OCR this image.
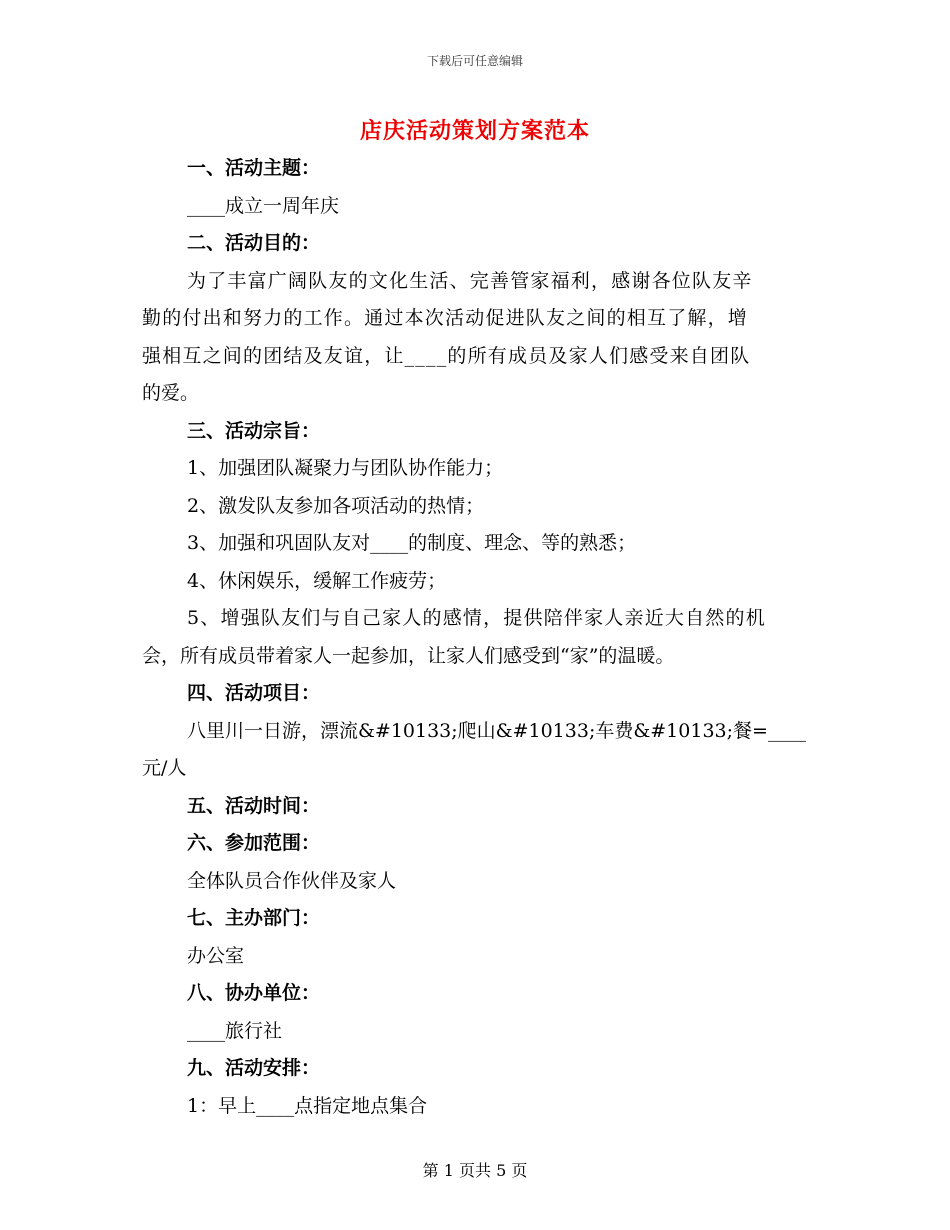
下载后可任意编辑
店庆活动策划方案范本
一、活动主题：
____成立一周年庆
二、活动目的：
为了丰富广阔队友的文化生活、完善管家福利，感谢各位队友辛
勤的付出和努力的工作。通过本次活动促进队友之间的相互了解，增
强相互之间的团结及友谊，让____的所有成员及家人们感受来自团队
的爱。
三、活动宗旨：
1、加强团队凝聚力与团队协作能力；
2、激发队友参加各项活动的热情；
3、加强和巩固队友对____的制度、理念、等的熟悉；
4、休闲娱乐，缓解工作疲劳；
5、增强队友们与自己家人的感情，提供陪伴家人亲近大自然的机
会，所有成员带着家人一起参加，让家人们感受到“家”的温暖。
四、活动项目：
八里川一日游，漂流&#10133;爬山&#10133;车费&#10133;餐=____
元/人
五、活动时间：
六、参加范围：
全体队员合作伙伴及家人
七、主办部门：
办公室
八、协办单位：
____旅行社
九、活动安排：
1：早上____点指定地点集合
第 1 页共 5 页
